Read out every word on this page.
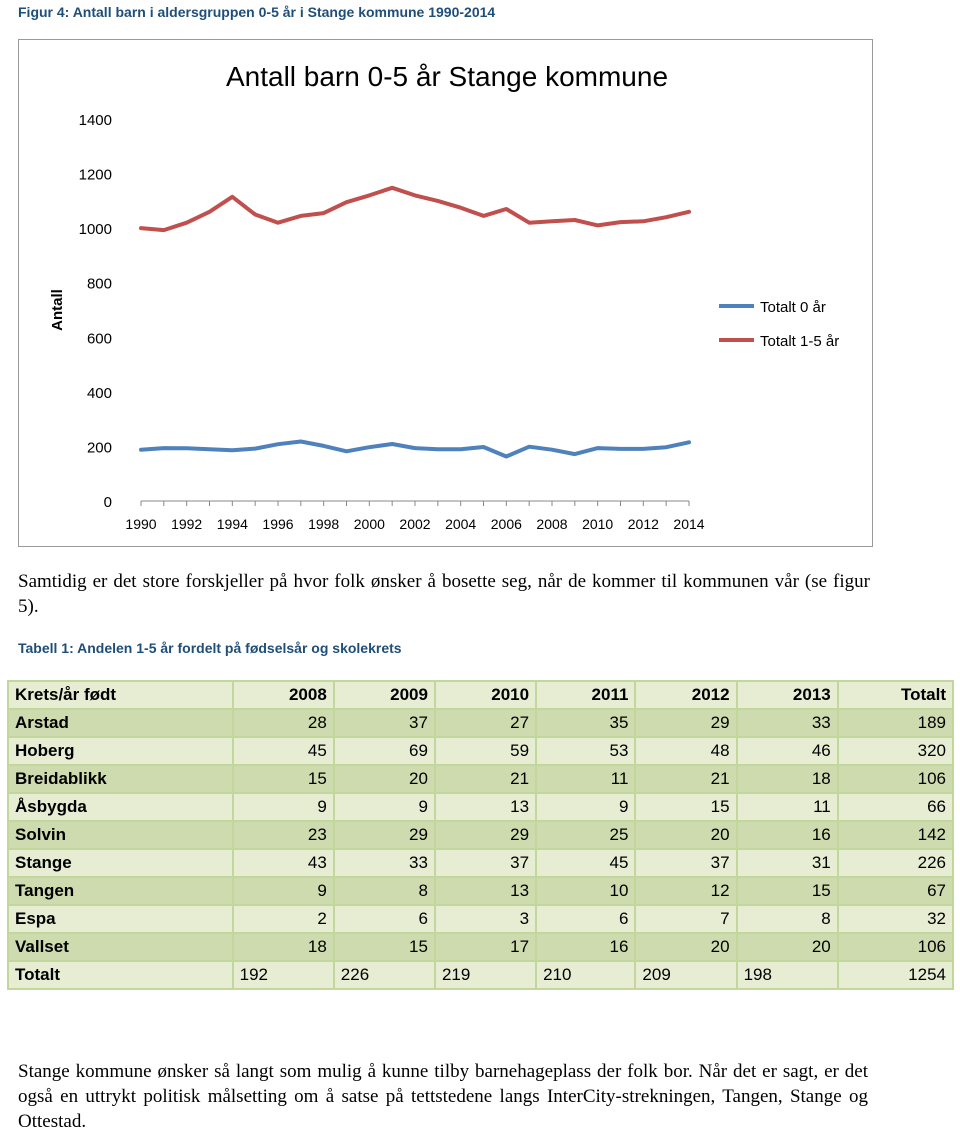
Figur 4: Antall barn i aldersgruppen 0-5 år i Stange kommune 1990-2014
Antall barn 0-5 år Stange kommune
Antall
0
200
400
600
800
1000
1200
1400
1990 1992 1994 1996 1998 2000 2002 2004 2006 2008 2010 2012 2014
Totalt 0 år
Totalt 1-5 år
Samtidig er det store forskjeller på hvor folk ønsker å bosette seg, når de kommer til kommunen vår (se figur 5).
Tabell 1: Andelen 1-5 år fordelt på fødselsår og skolekrets
Krets/år født	2008	2009	2010	2011	2012	2013	Totalt
Arstad	28	37	27	35	29	33	189
Hoberg	45	69	59	53	48	46	320
Breidablikk	15	20	21	11	21	18	106
Åsbygda	9	9	13	9	15	11	66
Solvin	23	29	29	25	20	16	142
Stange	43	33	37	45	37	31	226
Tangen	9	8	13	10	12	15	67
Espa	2	6	3	6	7	8	32
Vallset	18	15	17	16	20	20	106
Totalt	192	226	219	210	209	198	1254
Stange kommune ønsker så langt som mulig å kunne tilby barnehageplass der folk bor. Når det er sagt, er det også en uttrykt politisk målsetting om å satse på tettstedene langs InterCity-strekningen, Tangen, Stange og Ottestad.
